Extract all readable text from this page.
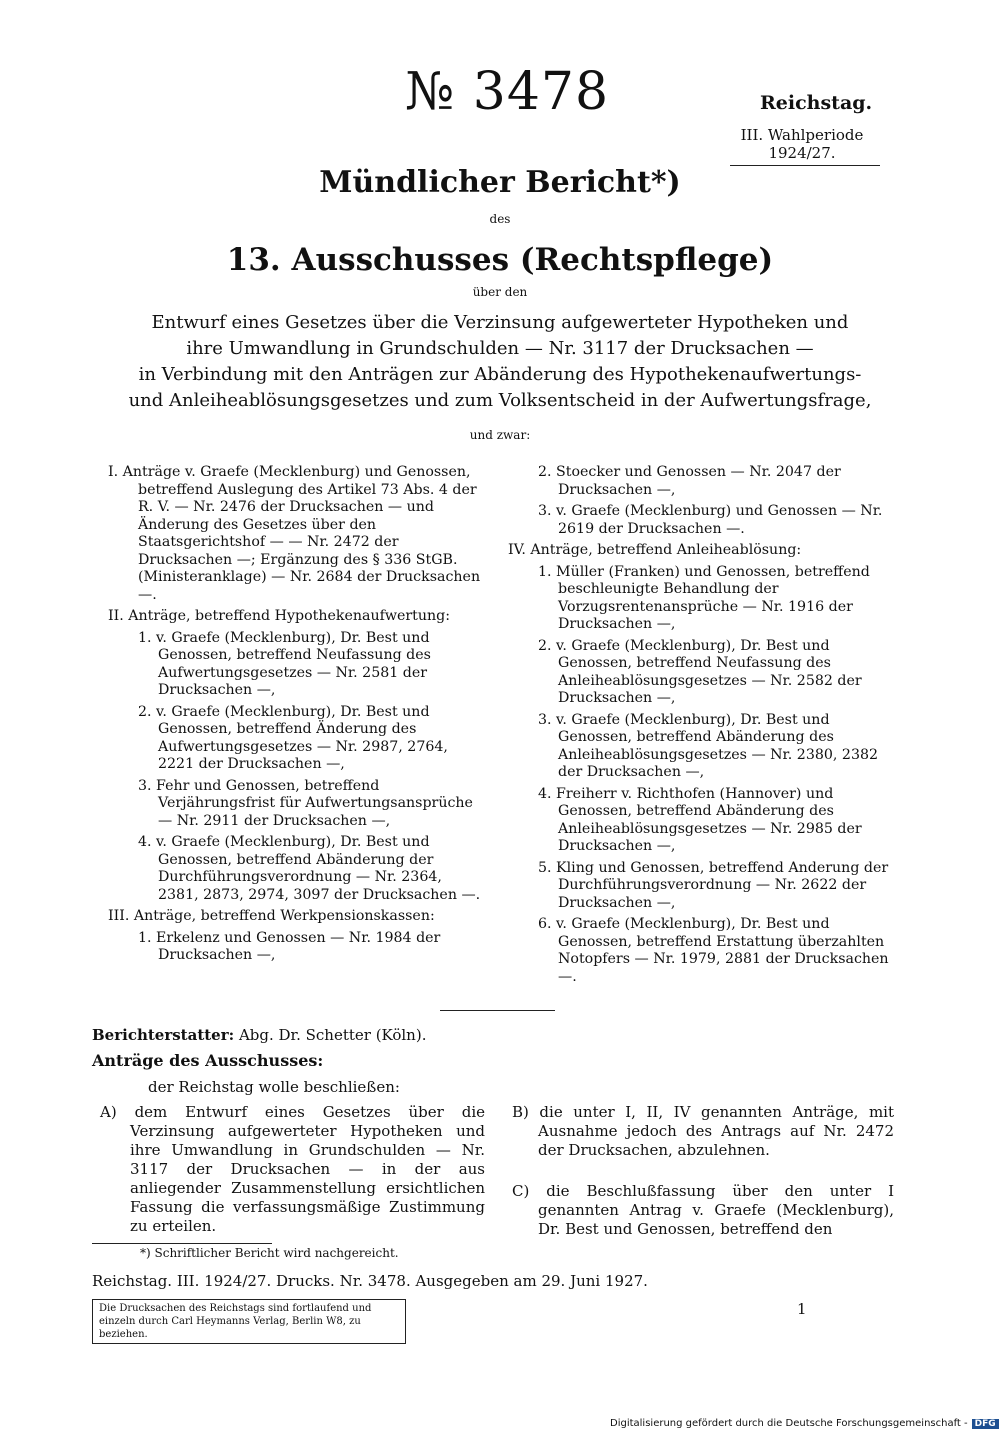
№ 3478	Reichstag.
III. Wahlperiode
1924/27.
Mündlicher Bericht*)
des
13. Ausschusses (Rechtspflege)
über den
Entwurf eines Gesetzes über die Verzinsung aufgewerteter Hypotheken und
ihre Umwandlung in Grundschulden — Nr. 3117 der Drucksachen —
in Verbindung mit den Anträgen zur Abänderung des Hypothekenaufwertungs-
und Anleiheablösungsgesetzes und zum Volksentscheid in der Aufwertungsfrage,
und zwar:

I. Anträge v. Graefe (Mecklenburg) und Genossen, betreffend Auslegung des Artikel 73 Abs. 4 der R. V. — Nr. 2476 der Drucksachen — und Änderung des Gesetzes über den Staatsgerichtshof — — Nr. 2472 der Drucksachen —; Ergänzung des § 336 StGB. (Ministeranklage) — Nr. 2684 der Drucksachen —.

II. Anträge, betreffend Hypothekenaufwertung:

1. v. Graefe (Mecklenburg), Dr. Best und Genossen, betreffend Neufassung des Aufwertungsgesetzes — Nr. 2581 der Drucksachen —,

2. v. Graefe (Mecklenburg), Dr. Best und Genossen, betreffend Änderung des Aufwertungsgesetzes — Nr. 2987, 2764, 2221 der Drucksachen —,

3. Fehr und Genossen, betreffend Verjährungsfrist für Aufwertungsansprüche — Nr. 2911 der Drucksachen —,

4. v. Graefe (Mecklenburg), Dr. Best und Genossen, betreffend Abänderung der Durchführungsverordnung — Nr. 2364, 2381, 2873, 2974, 3097 der Drucksachen —.

III. Anträge, betreffend Werkpensionskassen:

1. Erkelenz und Genossen — Nr. 1984 der Drucksachen —,

2. Stoecker und Genossen — Nr. 2047 der Drucksachen —,

3. v. Graefe (Mecklenburg) und Genossen — Nr. 2619 der Drucksachen —.

IV. Anträge, betreffend Anleiheablösung:

1. Müller (Franken) und Genossen, betreffend beschleunigte Behandlung der Vorzugsrentenansprüche — Nr. 1916 der Drucksachen —,

2. v. Graefe (Mecklenburg), Dr. Best und Genossen, betreffend Neufassung des Anleiheablösungsgesetzes — Nr. 2582 der Drucksachen —,

3. v. Graefe (Mecklenburg), Dr. Best und Genossen, betreffend Abänderung des Anleiheablösungsgesetzes — Nr. 2380, 2382 der Drucksachen —,

4. Freiherr v. Richthofen (Hannover) und Genossen, betreffend Abänderung des Anleiheablösungsgesetzes — Nr. 2985 der Drucksachen —,

5. Kling und Genossen, betreffend Anderung der Durchführungsverordnung — Nr. 2622 der Drucksachen —,

6. v. Graefe (Mecklenburg), Dr. Best und Genossen, betreffend Erstattung überzahlten Notopfers — Nr. 1979, 2881 der Drucksachen —.

Berichterstatter: Abg. Dr. Schetter (Köln).
Anträge des Ausschusses:
der Reichstag wolle beschließen:
A) dem Entwurf eines Gesetzes über die Verzinsung aufgewerteter Hypotheken und ihre Umwandlung in Grundschulden — Nr. 3117 der Drucksachen — in der aus anliegender Zusammenstellung ersichtlichen Fassung die verfassungsmäßige Zustimmung zu erteilen.
B) die unter I, II, IV genannten Anträge, mit Ausnahme jedoch des Antrags auf Nr. 2472 der Drucksachen, abzulehnen.
C) die Beschlußfassung über den unter I genannten Antrag v. Graefe (Mecklenburg), Dr. Best und Genossen, betreffend den
*) Schriftlicher Bericht wird nachgereicht.
Reichstag. III. 1924/27. Drucks. Nr. 3478. Ausgegeben am 29. Juni 1927.
Die Drucksachen des Reichstags sind fortlaufend und einzeln durch Carl Heymanns Verlag, Berlin W8, zu beziehen.
1
Digitalisierung gefördert durch die Deutsche Forschungsgemeinschaft - DFG
